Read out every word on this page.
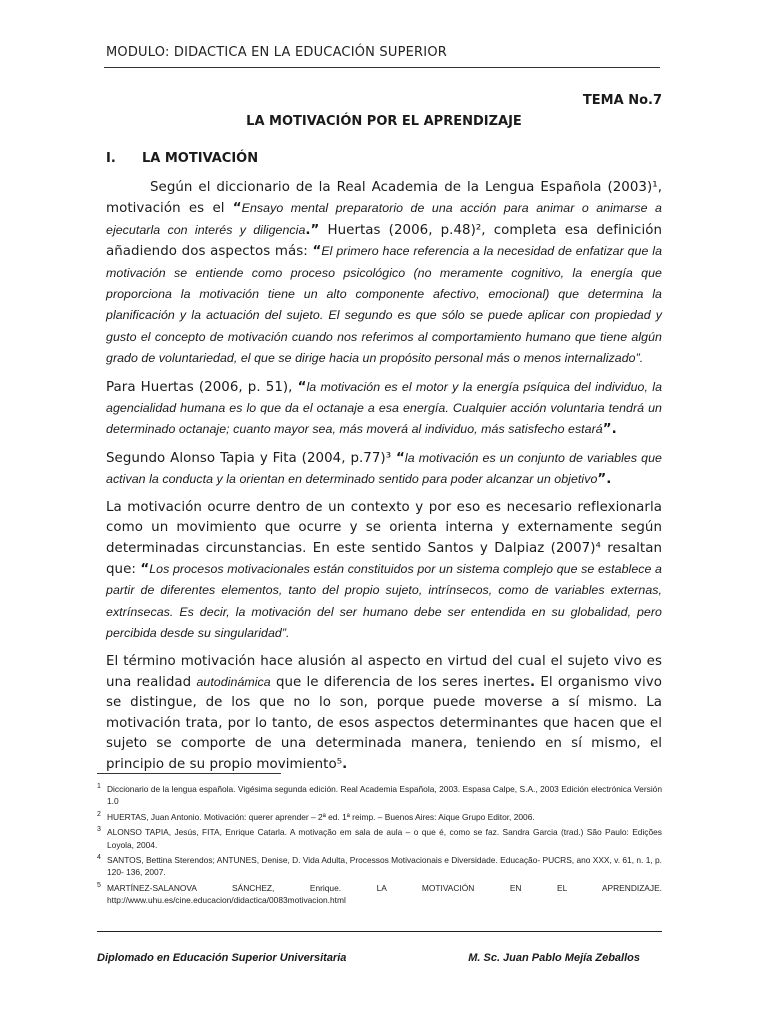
MODULO: DIDACTICA EN LA EDUCACIÓN SUPERIOR
TEMA No.7
LA MOTIVACIÓN POR EL APRENDIZAJE
I. LA MOTIVACIÓN

Según el diccionario de la Real Academia de la Lengua Española (2003)¹, motivación es el “Ensayo mental preparatorio de una acción para animar o animarse a ejecutarla con interés y diligencia.” Huertas (2006, p.48)², completa esa definición añadiendo dos aspectos más: “El primero hace referencia a la necesidad de enfatizar que la motivación se entiende como proceso psicológico (no meramente cognitivo, la energía que proporciona la motivación tiene un alto componente afectivo, emocional) que determina la planificación y la actuación del sujeto. El segundo es que sólo se puede aplicar con propiedad y gusto el concepto de motivación cuando nos referimos al comportamiento humano que tiene algún grado de voluntariedad, el que se dirige hacia un propósito personal más o menos internalizado”.

Para Huertas (2006, p. 51), “la motivación es el motor y la energía psíquica del individuo, la agencialidad humana es lo que da el octanaje a esa energía. Cualquier acción voluntaria tendrá un determinado octanaje; cuanto mayor sea, más moverá al individuo, más satisfecho estará”.

Segundo Alonso Tapia y Fita (2004, p.77)³ “la motivación es un conjunto de variables que activan la conducta y la orientan en determinado sentido para poder alcanzar un objetivo”.

La motivación ocurre dentro de un contexto y por eso es necesario reflexionarla como un movimiento que ocurre y se orienta interna y externamente según determinadas circunstancias. En este sentido Santos y Dalpiaz (2007)⁴ resaltan que: “Los procesos motivacionales están constituidos por un sistema complejo que se establece a partir de diferentes elementos, tanto del propio sujeto, intrínsecos, como de variables externas, extrínsecas. Es decir, la motivación del ser humano debe ser entendida en su globalidad, pero percibida desde su singularidad”.

El término motivación hace alusión al aspecto en virtud del cual el sujeto vivo es una realidad autodinámica que le diferencia de los seres inertes. El organismo vivo se distingue, de los que no lo son, porque puede moverse a sí mismo. La motivación trata, por lo tanto, de esos aspectos determinantes que hacen que el sujeto se comporte de una determinada manera, teniendo en sí mismo, el principio de su propio movimiento⁵.

$^1$ Diccionario de la lengua española. Vigésima segunda edición. Real Academia Española, 2003. Espasa Calpe, S.A., 2003 Edición electrónica Versión 1.0

$^2$ HUERTAS, Juan Antonio. Motivación: querer aprender – 2ª ed. 1ª reimp. – Buenos Aires: Aique Grupo Editor, 2006.

$^3$ ALONSO TAPIA, Jesús, FITA, Enrique Catarla. A motivação em sala de aula – o que é, como se faz. Sandra Garcia (trad.) São Paulo: Edições Loyola, 2004.

$^4$ SANTOS, Bettina Sterendos; ANTUNES, Denise, D. Vida Adulta, Processos Motivacionais e Diversidade. Educação- PUCRS, ano XXX, v. 61, n. 1, p. 120- 136, 2007.

$^5$ MARTÍNEZ-SALANOVA SÁNCHEZ, Enrique. LA MOTIVACIÓN EN EL APRENDIZAJE. http://www.uhu.es/cine.educacion/didactica/0083motivacion.html

Diplomado en Educación Superior Universitaria	M. Sc. Juan Pablo Mejía Zeballos
